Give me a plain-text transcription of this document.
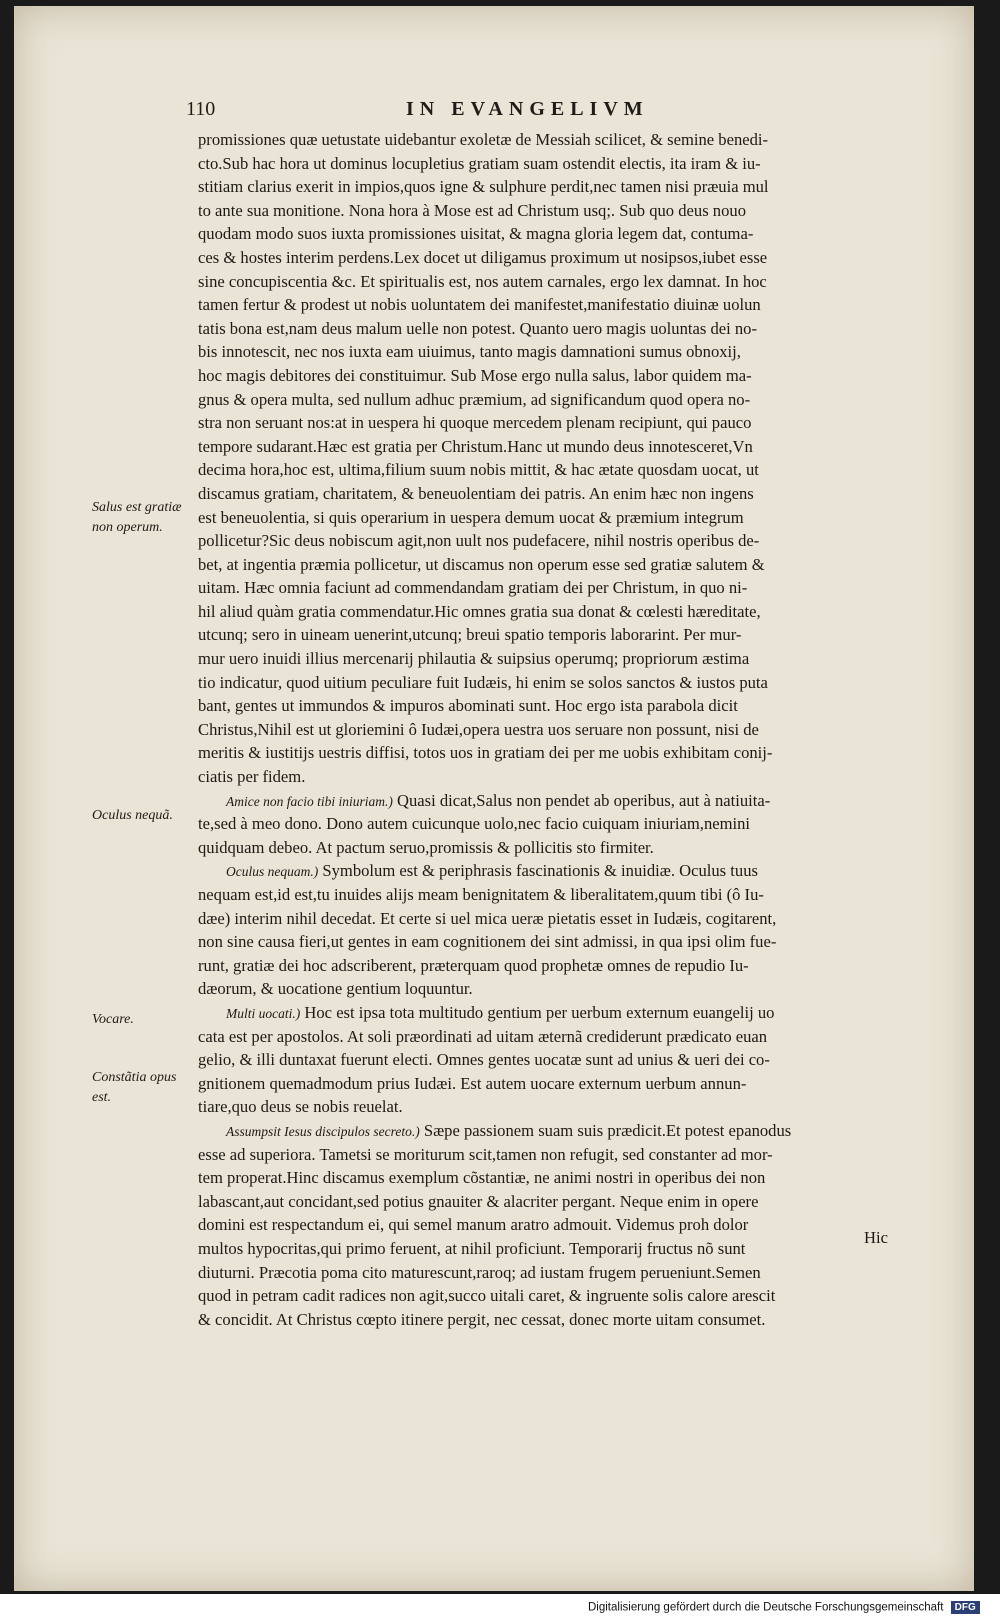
110	IN EVANGELIVM
promissiones quæ uetustate uidebantur exoletæ de Messiah scilicet, & semine benedi-
cto.Sub hac hora ut dominus locupletius gratiam suam ostendit electis, ita iram & iu-
stitiam clarius exerit in impios,quos igne & sulphure perdit,nec tamen nisi præuia mul
to ante sua monitione. Nona hora à Mose est ad Christum usq;. Sub quo deus nouo
quodam modo suos iuxta promissiones uisitat, & magna gloria legem dat, contuma-
ces & hostes interim perdens.Lex docet ut diligamus proximum ut nosipsos,iubet esse
sine concupiscentia &c. Et spiritualis est, nos autem carnales, ergo lex damnat. In hoc
tamen fertur & prodest ut nobis uoluntatem dei manifestet,manifestatio diuinæ uolun
tatis bona est,nam deus malum uelle non potest. Quanto uero magis uoluntas dei no-
bis innotescit, nec nos iuxta eam uiuimus, tanto magis damnationi sumus obnoxij,
hoc magis debitores dei constituimur. Sub Mose ergo nulla salus, labor quidem ma-
gnus & opera multa, sed nullum adhuc præmium, ad significandum quod opera no-
stra non seruant nos:at in uespera hi quoque mercedem plenam recipiunt, qui pauco
tempore sudarant.Hæc est gratia per Christum.Hanc ut mundo deus innotesceret,Vn
decima hora,hoc est, ultima,filium suum nobis mittit, & hac ætate quosdam uocat, ut
discamus gratiam, charitatem, & beneuolentiam dei patris. An enim hæc non ingens
est beneuolentia, si quis operarium in uespera demum uocat & præmium integrum
pollicetur?Sic deus nobiscum agit,non uult nos pudefacere, nihil nostris operibus de-
bet, at ingentia præmia pollicetur, ut discamus non operum esse sed gratiæ salutem &
uitam. Hæc omnia faciunt ad commendandam gratiam dei per Christum, in quo ni-
hil aliud quàm gratia commendatur.Hic omnes gratia sua donat & cœlesti hæreditate,
utcunq; sero in uineam uenerint,utcunq; breui spatio temporis laborarint. Per mur-
mur uero inuidi illius mercenarij philautia & suipsius operumq; propriorum æstima
tio indicatur, quod uitium peculiare fuit Iudæis, hi enim se solos sanctos & iustos puta
bant, gentes ut immundos & impuros abominati sunt. Hoc ergo ista parabola dicit
Christus,Nihil est ut gloriemini ô Iudæi,opera uestra uos seruare non possunt, nisi de
meritis & iustitijs uestris diffisi, totos uos in gratiam dei per me uobis exhibitam conij-
ciatis per fidem.
Amice non facio tibi iniuriam.) Quasi dicat,Salus non pendet ab operibus, aut à natiuita-
te,sed à meo dono. Dono autem cuicunque uolo,nec facio cuiquam iniuriam,nemini
quidquam debeo. At pactum seruo,promissis & pollicitis sto firmiter.
Oculus nequam.) Symbolum est & periphrasis fascinationis & inuidiæ. Oculus tuus
nequam est,id est,tu inuides alijs meam benignitatem & liberalitatem,quum tibi (ô Iu-
dæe) interim nihil decedat. Et certe si uel mica ueræ pietatis esset in Iudæis, cogitarent,
non sine causa fieri,ut gentes in eam cognitionem dei sint admissi, in qua ipsi olim fue-
runt, gratiæ dei hoc adscriberent, præterquam quod prophetæ omnes de repudio Iu-
dæorum, & uocatione gentium loquuntur.
Multi uocati.) Hoc est ipsa tota multitudo gentium per uerbum externum euangelij uo
cata est per apostolos. At soli præordinati ad uitam æternã crediderunt prædicato euan
gelio, & illi duntaxat fuerunt electi. Omnes gentes uocatæ sunt ad unius & ueri dei co-
gnitionem quemadmodum prius Iudæi. Est autem uocare externum uerbum annun-
tiare,quo deus se nobis reuelat.
Assumpsit Iesus discipulos secreto.) Sæpe passionem suam suis prædicit.Et potest epanodus
esse ad superiora. Tametsi se moriturum scit,tamen non refugit, sed constanter ad mor-
tem properat.Hinc discamus exemplum cõstantiæ, ne animi nostri in operibus dei non
labascant,aut concidant,sed potius gnauiter & alacriter pergant. Neque enim in opere
domini est respectandum ei, qui semel manum aratro admouit. Videmus proh dolor
multos hypocritas,qui primo feruent, at nihil proficiunt. Temporarij fructus nõ sunt
diuturni. Præcotia poma cito maturescunt,raroq; ad iustam frugem perueniunt.Semen
quod in petram cadit radices non agit,succo uitali caret, & ingruente solis calore arescit
& concidit. At Christus cœpto itinere pergit, nec cessat, donec morte uitam consumet.
Salus est gratiæ non operum.
Oculus nequã.
Vocare.
Constãtia opus est.
Hic
Digitalisierung gefördert durch die Deutsche Forschungsgemeinschaft DFG
